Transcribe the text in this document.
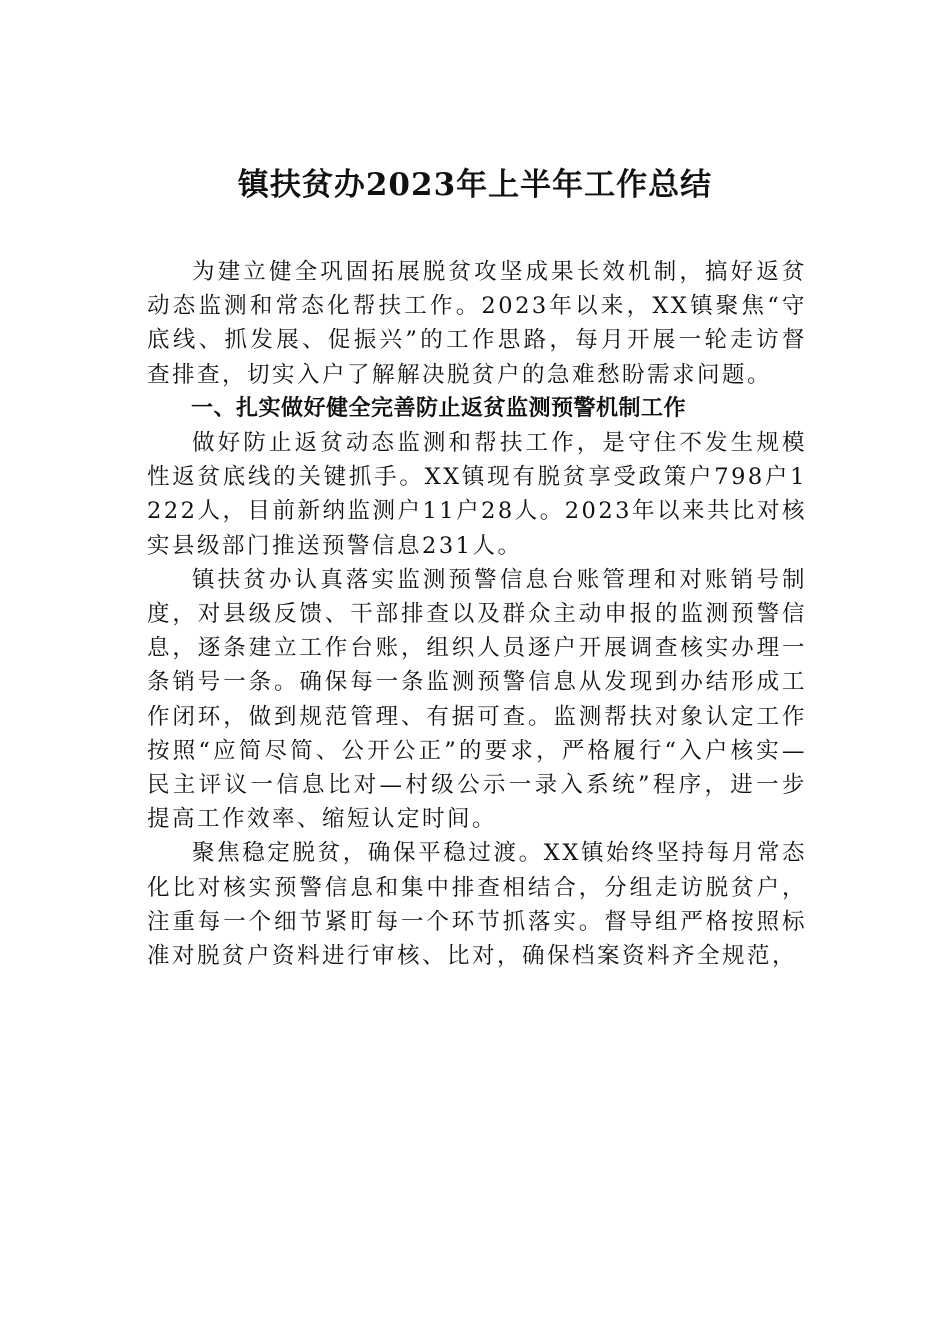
镇扶贫办2023年上半年工作总结

为建立健全巩固拓展脱贫攻坚成果长效机制，搞好返贫动态监测和常态化帮扶工作。2023年以来，XX镇聚焦“守底线、抓发展、促振兴”的工作思路，每月开展一轮走访督查排查，切实入户了解解决脱贫户的急难愁盼需求问题。

一、扎实做好健全完善防止返贫监测预警机制工作

做好防止返贫动态监测和帮扶工作，是守住不发生规模性返贫底线的关键抓手。XX镇现有脱贫享受政策户798户1222人，目前新纳监测户11户28人。2023年以来共比对核实县级部门推送预警信息231人。

镇扶贫办认真落实监测预警信息台账管理和对账销号制度，对县级反馈、干部排查以及群众主动申报的监测预警信息，逐条建立工作台账，组织人员逐户开展调查核实办理一条销号一条。确保每一条监测预警信息从发现到办结形成工作闭环，做到规范管理、有据可查。监测帮扶对象认定工作按照“应简尽简、公开公正”的要求，严格履行“入户核实—民主评议一信息比对—村级公示一录入系统”程序，进一步提高工作效率、缩短认定时间。

聚焦稳定脱贫，确保平稳过渡。XX镇始终坚持每月常态化比对核实预警信息和集中排查相结合，分组走访脱贫户，注重每一个细节紧盯每一个环节抓落实。督导组严格按照标准对脱贫户资料进行审核、比对，确保档案资料齐全规范，
